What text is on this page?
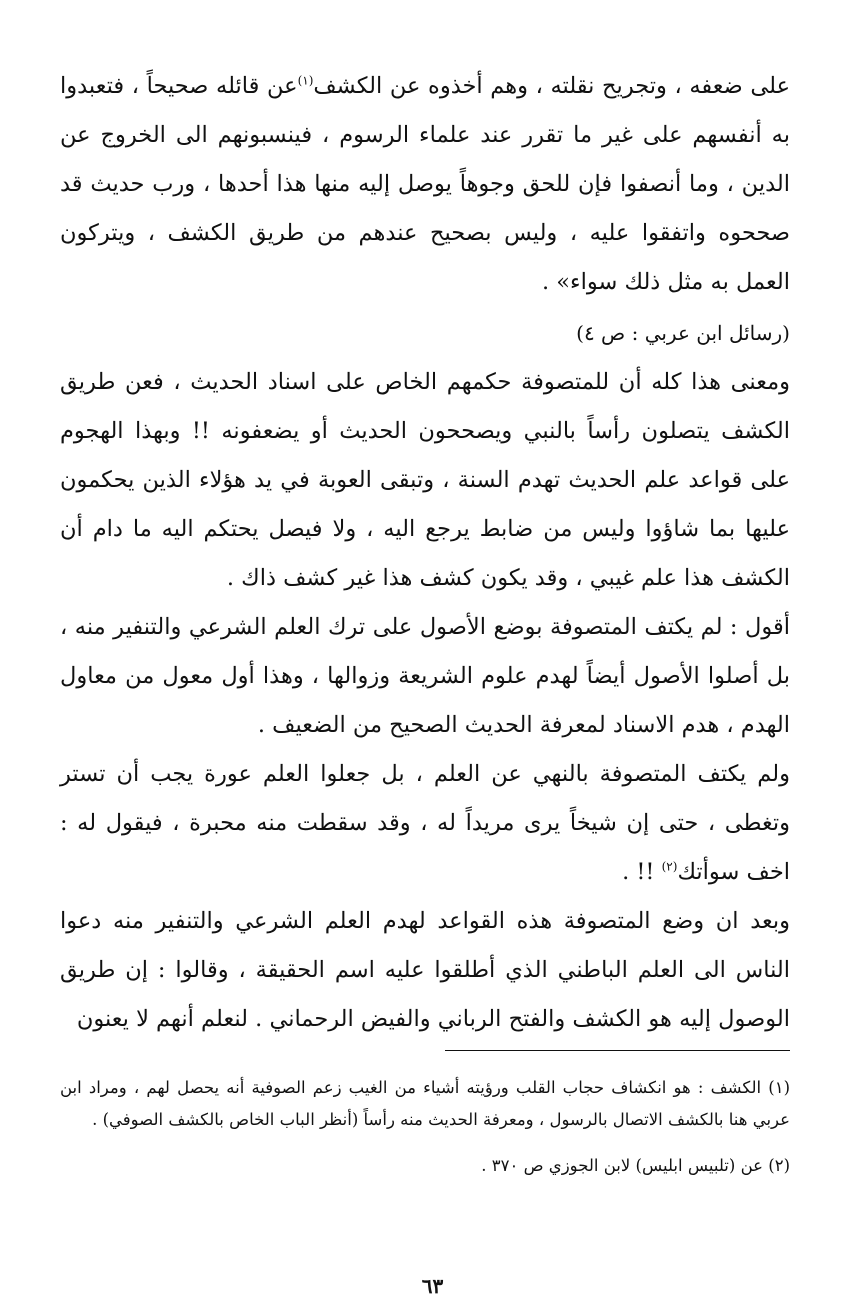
على ضعفه ، وتجريح نقلته ، وهم أخذوه عن الكشف$^{(١)}$عن قائله صحيحاً ، فتعبدوا به أنفسهم على غير ما تقرر عند علماء الرسوم ، فينسبونهم الى الخروج عن الدين ، وما أنصفوا فإن للحق وجوهاً يوصل إليه منها هذا أحدها ، ورب حديث قد صححوه واتفقوا عليه ، وليس بصحيح عندهم من طريق الكشف ، ويتركون العمل به مثل ذلك سواء» .

(رسائل ابن عربي : ص ٤)

ومعنى هذا كله أن للمتصوفة حكمهم الخاص على اسناد الحديث ، فعن طريق الكشف يتصلون رأساً بالنبي ويصححون الحديث أو يضعفونه !! وبهذا الهجوم على قواعد علم الحديث تهدم السنة ، وتبقى العوبة في يد هؤلاء الذين يحكمون عليها بما شاؤوا وليس من ضابط يرجع اليه ، ولا فيصل يحتكم اليه ما دام أن الكشف هذا علم غيبي ، وقد يكون كشف هذا غير كشف ذاك .

أقول : لم يكتف المتصوفة بوضع الأصول على ترك العلم الشرعي والتنفير منه ، بل أصلوا الأصول أيضاً لهدم علوم الشريعة وزوالها ، وهذا أول معول من معاول الهدم ، هدم الاسناد لمعرفة الحديث الصحيح من الضعيف .

ولم يكتف المتصوفة بالنهي عن العلم ، بل جعلوا العلم عورة يجب أن تستر وتغطى ، حتى إن شيخاً يرى مريداً له ، وقد سقطت منه محبرة ، فيقول له : اخف سوأتك$^{(٢)}$ !! .

وبعد ان وضع المتصوفة هذه القواعد لهدم العلم الشرعي والتنفير منه دعوا الناس الى العلم الباطني الذي أطلقوا عليه اسم الحقيقة ، وقالوا : إن طريق الوصول إليه هو الكشف والفتح الرباني والفيض الرحماني . لنعلم أنهم لا يعنون

(١) الكشف : هو انكشاف حجاب القلب ورؤيته أشياء من الغيب زعم الصوفية أنه يحصل لهم ، ومراد ابن عربي هنا بالكشف الاتصال بالرسول ، ومعرفة الحديث منه رأساً (أنظر الباب الخاص بالكشف الصوفي) .

(٢) عن (تلبيس ابليس) لابن الجوزي ص ٣٧٠ .

٦٣
